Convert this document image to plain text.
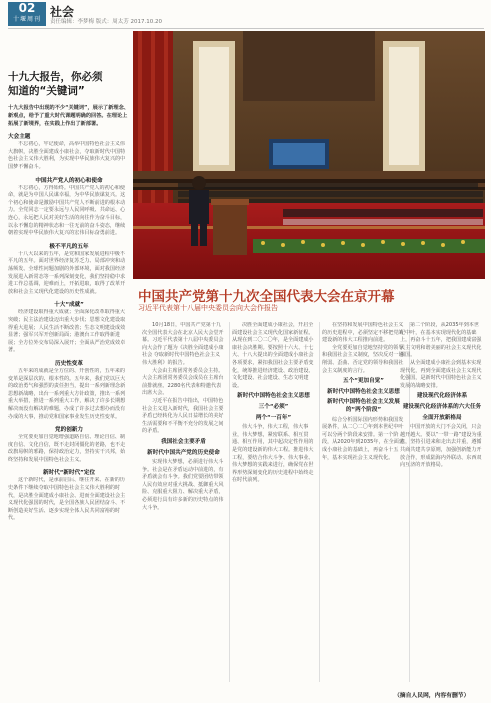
02
十堰周刊
社会
责任编辑：李梦梅 版式：周太芳 2017.10.20
十九大报告，你必须
知道的“关键词”
十九大报告中出现的不少“关键词”，展示了新理念、新观点，给予了重大时代课题明确的回答。在理论上拓展了新境界，在实践上作出了新部署。
大会主题
不忘初心，牢记使命，高举中国特色社会主义伟大旗帜，决胜全面建成小康社会，夺取新时代中国特色社会主义伟大胜利，为实现中华民族伟大复兴的中国梦不懈奋斗。
中国共产党人的初心和使命
不忘初心，方得始终。中国共产党人的初心和使命，就是为中国人民谋幸福，为中华民族谋复兴。这个初心和使命是激励中国共产党人不断前进的根本动力。全党同志一定要永远与人民同呼吸、共命运、心连心，永远把人民对美好生活的向往作为奋斗目标，以永不懈怠的精神状态和一往无前的奋斗姿态，继续朝着实现中华民族伟大复兴的宏伟目标奋勇前进。
极不平凡的五年
十八大以来的五年，是党和国家发展进程中极不平凡的五年。面对世界经济复苏乏力、局部冲突和动荡频发、全球性问题加剧的外部环境，面对我国经济发展进入新常态等一系列深刻变化，我们坚持稳中求进工作总基调，迎难而上，开拓进取，取得了改革开放和社会主义现代化建设的历史性成就。
十大“成就”
经济建设取得重大成就；全面深化改革取得重大突破；民主法治建设迈出重大步伐；思想文化建设取得重大进展；人民生活不断改善；生态文明建设成效显著；强军兴军开创新局面；港澳台工作取得新进展；全方位外交布局深入展开；全面从严治党成效卓著。
历史性变革
五年来的成就是全方位的、开创性的，五年来的变革是深层次的、根本性的。五年来，我们党以巨大的政治勇气和强烈的责任担当，提出一系列新理念新思想新战略，出台一系列重大方针政策，推出一系列重大举措，推进一系列重大工作，解决了许多长期想解决而没有解决的难题，办成了许多过去想办而没有办成的大事，推动党和国家事业发生历史性变革。
党的创新力
全党要更加自觉地增强道路自信、理论自信、制度自信、文化自信，既不走封闭僵化的老路，也不走改旗易帜的邪路，保持政治定力，坚持实干兴邦，始终坚持和发展中国特色社会主义。
新时代“新时代”定位
这个新时代，是承前启后、继往开来、在新的历史条件下继续夺取中国特色社会主义伟大胜利的时代，是决胜全面建成小康社会、进而全面建设社会主义现代化强国的时代，是全国各族人民团结奋斗、不断创造美好生活、逐步实现全体人民共同富裕的时代。
中国共产党第十九次全国代表大会在京开幕
习近平代表第十八届中央委员会向大会作报告

10月18日，中国共产党第十九次全国代表大会在北京人民大会堂开幕。习近平代表第十八届中央委员会向大会作了题为《决胜全面建成小康社会 夺取新时代中国特色社会主义伟大胜利》的报告。

大会由主席团常务委员会主持。大会主席团常务委员会成员在主席台前排就座。2280名代表和特邀代表出席大会。

习近平在报告中指出，中国特色社会主义进入新时代，我国社会主要矛盾已经转化为人民日益增长的美好生活需要和不平衡不充分的发展之间的矛盾。

我国社会主要矛盾
新时代中国共产党的历史使命

实现伟大梦想，必须进行伟大斗争。社会是在矛盾运动中前进的，有矛盾就会有斗争。我们党要团结带领人民有效应对重大挑战、抵御重大风险、克服重大阻力、解决重大矛盾，必须进行具有许多新的历史特点的伟大斗争。

决胜全面建成小康社会，开启全面建设社会主义现代化国家新征程。从现在到二〇二〇年，是全面建成小康社会决胜期。要按照十六大、十七大、十八大提出的全面建成小康社会各项要求，紧扣我国社会主要矛盾变化，统筹推进经济建设、政治建设、文化建设、社会建设、生态文明建设。

新时代中国特色社会主义思想
三个“必须”
两个“一百年”

伟大斗争，伟大工程，伟大事业，伟大梦想，紧密联系、相互贯通、相互作用，其中起决定性作用的是党的建设新的伟大工程。推进伟大工程，要结合伟大斗争、伟大事业、伟大梦想的实践来进行，确保党在世界形势深刻变化的历史进程中始终走在时代前列。

在坚持和发展中国特色社会主义的历史进程中，必须坚定不移把党的建设新的伟大工程推向前进。

全党要更加自觉地坚持党的领导和我国社会主义制度，坚决反对一切削弱、歪曲、否定党的领导和我国社会主义制度的言行。

五个“更加自觉”
新时代中国特色社会主义思想
新时代中国特色社会主义发展的“两个阶段”

综合分析国际国内形势和我国发展条件，从二〇二〇年到本世纪中叶可以分两个阶段来安排。第一个阶段，从2020年到2035年，在全面建成小康社会的基础上，再奋斗十五年，基本实现社会主义现代化。

第二个阶段，从2035年到本世纪中叶，在基本实现现代化的基础上，再奋斗十五年，把我国建成富强民主文明和谐美丽的社会主义现代化强国。

从全面建成小康社会到基本实现现代化，再到全面建成社会主义现代化强国，是新时代中国特色社会主义发展的战略安排。

建设现代化经济体系
建设现代化经济体系的六大任务
全面开放新格局

中国开放的大门不会关闭，只会越开越大。要以“一带一路”建设为重点，坚持引进来和走出去并重，遵循共商共建共享原则，加强创新能力开放合作，形成陆海内外联动、东西双向互济的开放格局。

（摘自人民网，内容有删节）
